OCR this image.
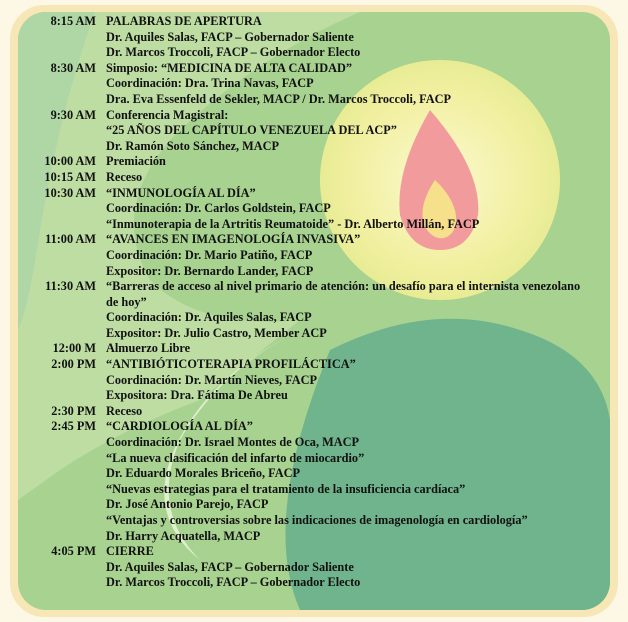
8:15 AM PALABRAS DE APERTURA
Dr. Aquiles Salas, FACP – Gobernador Saliente
Dr. Marcos Troccoli, FACP – Gobernador Electo
8:30 AM Simposio: “MEDICINA DE ALTA CALIDAD”
Coordinación: Dra. Trina Navas, FACP
Dra. Eva Essenfeld de Sekler, MACP / Dr. Marcos Troccoli, FACP
9:30 AM Conferencia Magistral:
“25 AÑOS DEL CAPÍTULO VENEZUELA DEL ACP”
Dr. Ramón Soto Sánchez, MACP
10:00 AM Premiación
10:15 AM Receso
10:30 AM “INMUNOLOGÍA AL DÍA”
Coordinación: Dr. Carlos Goldstein, FACP
“Inmunoterapia de la Artritis Reumatoide” - Dr. Alberto Millán, FACP
11:00 AM “AVANCES EN IMAGENOLOGÍA INVASIVA”
Coordinación: Dr. Mario Patiño, FACP
Expositor: Dr. Bernardo Lander, FACP
11:30 AM “Barreras de acceso al nivel primario de atención: un desafío para el internista venezolano de hoy”
Coordinación: Dr. Aquiles Salas, FACP
Expositor: Dr. Julio Castro, Member ACP
12:00 M Almuerzo Libre
2:00 PM “ANTIBIÓTICOTERAPIA PROFILÁCTICA”
Coordinación: Dr. Martín Nieves, FACP
Expositora: Dra. Fátima De Abreu
2:30 PM Receso
2:45 PM “CARDIOLOGÍA AL DÍA”
Coordinación: Dr. Israel Montes de Oca, MACP
“La nueva clasificación del infarto de miocardio”
Dr. Eduardo Morales Briceño, FACP
“Nuevas estrategias para el tratamiento de la insuficiencia cardíaca”
Dr. José Antonio Parejo, FACP
“Ventajas y controversias sobre las indicaciones de imagenología en cardiología”
Dr. Harry Acquatella, MACP
4:05 PM CIERRE
Dr. Aquiles Salas, FACP – Gobernador Saliente
Dr. Marcos Troccoli, FACP – Gobernador Electo
